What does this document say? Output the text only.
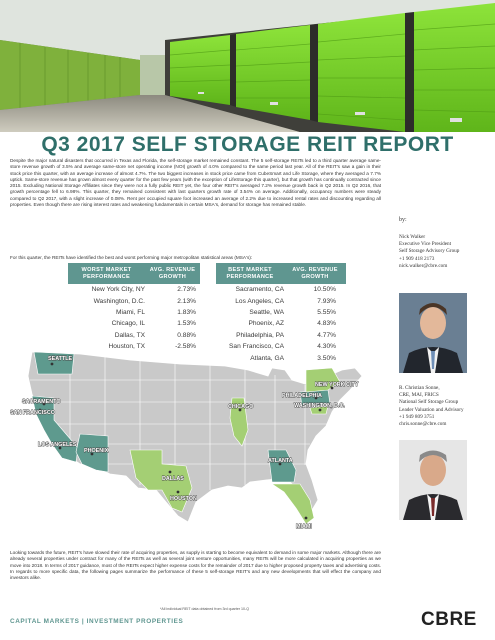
Q3 2017 SELF STORAGE REIT REPORT

Despite the major natural disasters that occurred in Texas and Florida, the self-storage market remained constant. The 5 self-storage REITs led to a third quarter average same-store revenue growth of 3.5% and average same-store net operating income (NOI) growth of 4.0% compared to the same period last year. All of the REIT's saw a gain in their stock price this quarter, with an average increase of almost 4.7%. The two biggest increases in stock price came from CubeSmart and Life Storage, where they averaged a 7.7% uptick. Same-store revenue has grown almost every quarter for the past few years (with the exception of LifeStorage this quarter), but that growth has continually contracted since 2015. Excluding National Storage Affiliates since they were not a fully public REIT yet, the four other REIT's averaged 7.2% revenue growth back in Q2 2015. In Q2 2016, that growth percentage fell to 6.98%. This quarter, they remained consistent with last quarters growth rate of 3.54% on average. Additionally, occupancy numbers were steady compared to Q2 2017, with a slight increase of 0.08%. Rent per occupied square foot increased an average of 2.2% due to increased rental rates and discounting regarding all properties. Even though there are rising interest rates and weakening fundamentals in certain MSA's, demand for storage has remained stable.

For this quarter, the REITs have identified the best and worst performing major metropolitan statistical areas (MSA's):

WORST MARKET PERFORMANCE
AVG. REVENUE GROWTH
New York City, NY	2.73%
Washington, D.C.	2.13%
Miami, FL	1.83%
Chicago, IL	1.53%
Dallas, TX	0.88%
Houston, TX	-2.58%
BEST MARKET PERFORMANCE
AVG. REVENUE GROWTH
Sacramento, CA	10.50%
Los Angeles, CA	7.93%
Seattle, WA	5.55%
Phoenix, AZ	4.83%
Philadelphia, PA	4.77%
San Francisco, CA	4.30%
Atlanta, GA	3.50%
SEATTLE
SACRAMENTO
SAN FRANCISCO
LOS ANGELES
PHOENIX
DALLAS
HOUSTON
CHICAGO
NEW YORK CITY
PHILADELPHIA
WASHINGTON, D.C.
ATLANTA
MIAMI

Looking towards the future, REIT's have slowed their rate of acquiring properties, as supply is starting to become equivalent to demand in some major markets. Although there are already several properties under contract for many of the REITs as well as several joint venture opportunities, many REITs will be more calculated in acquiring properties as we move into 2018. In terms of 2017 guidance, most of the REITs expect higher expense costs for the remainder of 2017 due to higher proposed property taxes and advertising costs. In regards to more specific data, the following pages summarize the performance of these 5 self-storage REIT's and any new developments that will effect the company and investors alike.

*All individual REIT data obtained from 3rd quarter 10-Q

CAPITAL MARKETS | INVESTMENT PROPERTIES	CBRE
by:
Nick Walker
Executive Vice President
Self Storage Advisory Group
+1 909 418 2173
nick.walker@cbre.com
R. Christian Sonne,
CRE, MAI, FRICS
National Self Storage Group
Leader Valuation and Advisory
+1 949 809 3751
chris.sonne@cbre.com
